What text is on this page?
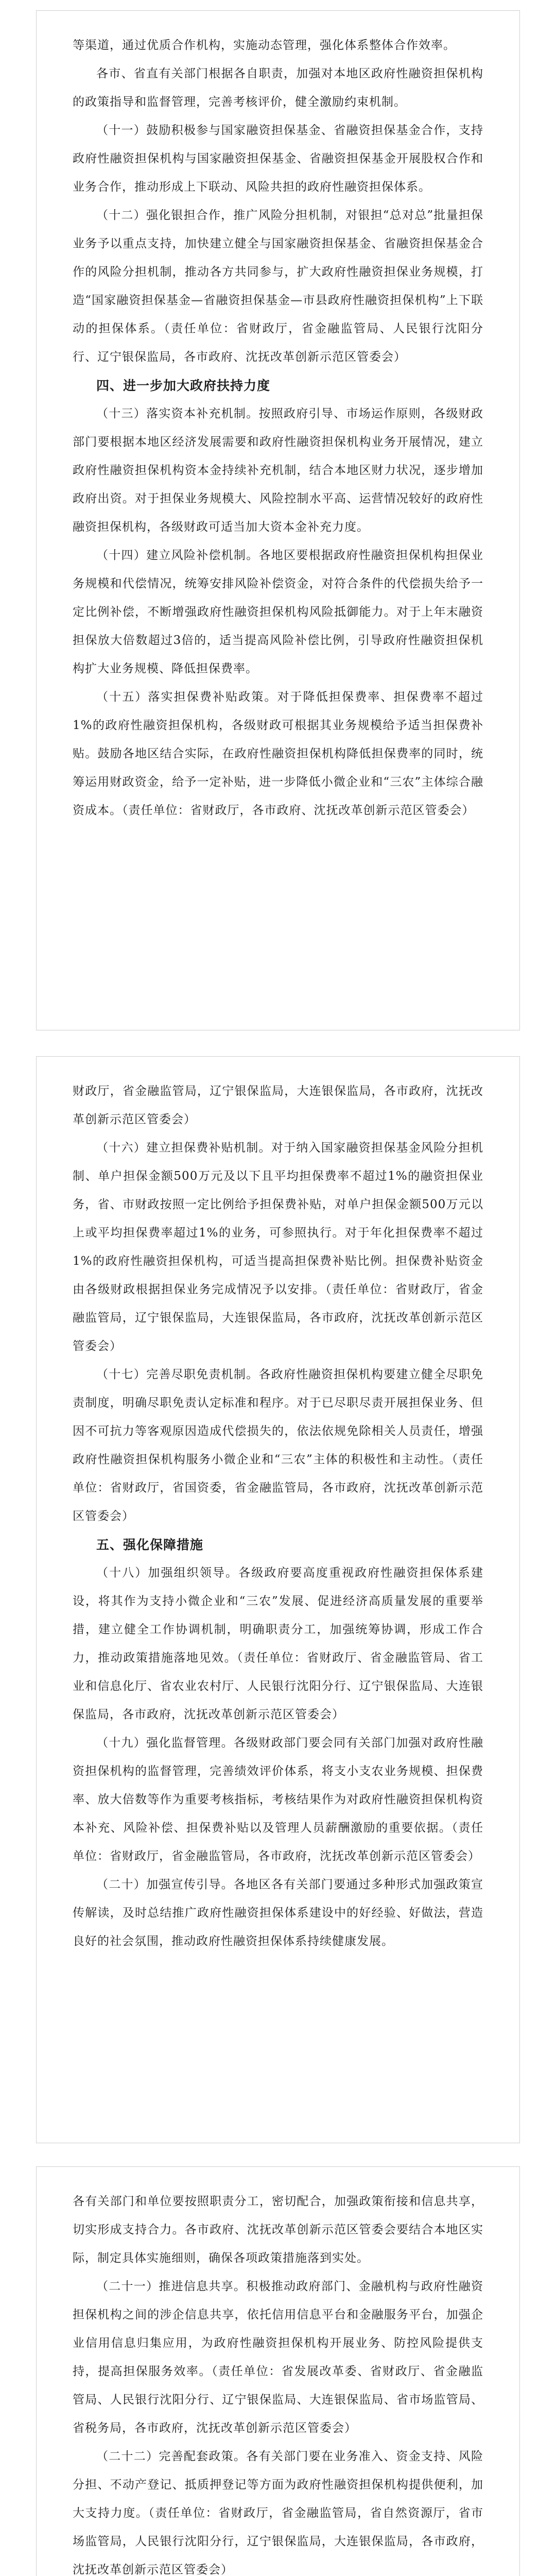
等渠道，通过优质合作机构，实施动态管理，强化体系整体合作效率。

各市、省直有关部门根据各自职责，加强对本地区政府性融资担保机构的政策指导和监督管理，完善考核评价，健全激励约束机制。

（十一）鼓励积极参与国家融资担保基金、省融资担保基金合作，支持政府性融资担保机构与国家融资担保基金、省融资担保基金开展股权合作和业务合作，推动形成上下联动、风险共担的政府性融资担保体系。

（十二）强化银担合作，推广风险分担机制，对银担“总对总”批量担保业务予以重点支持，加快建立健全与国家融资担保基金、省融资担保基金合作的风险分担机制，推动各方共同参与，扩大政府性融资担保业务规模，打造“国家融资担保基金—省融资担保基金—市县政府性融资担保机构”上下联动的担保体系。（责任单位：省财政厅，省金融监管局、人民银行沈阳分行、辽宁银保监局，各市政府、沈抚改革创新示范区管委会）

四、进一步加大政府扶持力度

（十三）落实资本补充机制。按照政府引导、市场运作原则，各级财政部门要根据本地区经济发展需要和政府性融资担保机构业务开展情况，建立政府性融资担保机构资本金持续补充机制，结合本地区财力状况，逐步增加政府出资。对于担保业务规模大、风险控制水平高、运营情况较好的政府性融资担保机构，各级财政可适当加大资本金补充力度。

（十四）建立风险补偿机制。各地区要根据政府性融资担保机构担保业务规模和代偿情况，统筹安排风险补偿资金，对符合条件的代偿损失给予一定比例补偿，不断增强政府性融资担保机构风险抵御能力。对于上年末融资担保放大倍数超过3倍的，适当提高风险补偿比例，引导政府性融资担保机构扩大业务规模、降低担保费率。

（十五）落实担保费补贴政策。对于降低担保费率、担保费率不超过1%的政府性融资担保机构，各级财政可根据其业务规模给予适当担保费补贴。鼓励各地区结合实际，在政府性融资担保机构降低担保费率的同时，统筹运用财政资金，给予一定补贴，进一步降低小微企业和“三农”主体综合融资成本。（责任单位：省财政厅，各市政府、沈抚改革创新示范区管委会）

财政厅，省金融监管局，辽宁银保监局，大连银保监局，各市政府，沈抚改革创新示范区管委会）

（十六）建立担保费补贴机制。对于纳入国家融资担保基金风险分担机制、单户担保金额500万元及以下且平均担保费率不超过1%的融资担保业务，省、市财政按照一定比例给予担保费补贴，对单户担保金额500万元以上或平均担保费率超过1%的业务，可参照执行。对于年化担保费率不超过1%的政府性融资担保机构，可适当提高担保费补贴比例。担保费补贴资金由各级财政根据担保业务完成情况予以安排。（责任单位：省财政厅，省金融监管局，辽宁银保监局，大连银保监局，各市政府，沈抚改革创新示范区管委会）

（十七）完善尽职免责机制。各政府性融资担保机构要建立健全尽职免责制度，明确尽职免责认定标准和程序。对于已尽职尽责开展担保业务、但因不可抗力等客观原因造成代偿损失的，依法依规免除相关人员责任，增强政府性融资担保机构服务小微企业和“三农”主体的积极性和主动性。（责任单位：省财政厅，省国资委，省金融监管局，各市政府，沈抚改革创新示范区管委会）

五、强化保障措施

（十八）加强组织领导。各级政府要高度重视政府性融资担保体系建设，将其作为支持小微企业和“三农”发展、促进经济高质量发展的重要举措，建立健全工作协调机制，明确职责分工，加强统筹协调，形成工作合力，推动政策措施落地见效。（责任单位：省财政厅、省金融监管局、省工业和信息化厅、省农业农村厅、人民银行沈阳分行、辽宁银保监局、大连银保监局，各市政府，沈抚改革创新示范区管委会）

（十九）强化监督管理。各级财政部门要会同有关部门加强对政府性融资担保机构的监督管理，完善绩效评价体系，将支小支农业务规模、担保费率、放大倍数等作为重要考核指标，考核结果作为对政府性融资担保机构资本补充、风险补偿、担保费补贴以及管理人员薪酬激励的重要依据。（责任单位：省财政厅，省金融监管局，各市政府，沈抚改革创新示范区管委会）

（二十）加强宣传引导。各地区各有关部门要通过多种形式加强政策宣传解读，及时总结推广政府性融资担保体系建设中的好经验、好做法，营造良好的社会氛围，推动政府性融资担保体系持续健康发展。

各有关部门和单位要按照职责分工，密切配合，加强政策衔接和信息共享，切实形成支持合力。各市政府、沈抚改革创新示范区管委会要结合本地区实际，制定具体实施细则，确保各项政策措施落到实处。

（二十一）推进信息共享。积极推动政府部门、金融机构与政府性融资担保机构之间的涉企信息共享，依托信用信息平台和金融服务平台，加强企业信用信息归集应用，为政府性融资担保机构开展业务、防控风险提供支持，提高担保服务效率。（责任单位：省发展改革委、省财政厅、省金融监管局、人民银行沈阳分行、辽宁银保监局、大连银保监局、省市场监管局、省税务局，各市政府，沈抚改革创新示范区管委会）

（二十二）完善配套政策。各有关部门要在业务准入、资金支持、风险分担、不动产登记、抵质押登记等方面为政府性融资担保机构提供便利，加大支持力度。（责任单位：省财政厅，省金融监管局，省自然资源厅，省市场监管局，人民银行沈阳分行，辽宁银保监局，大连银保监局，各市政府，沈抚改革创新示范区管委会）
